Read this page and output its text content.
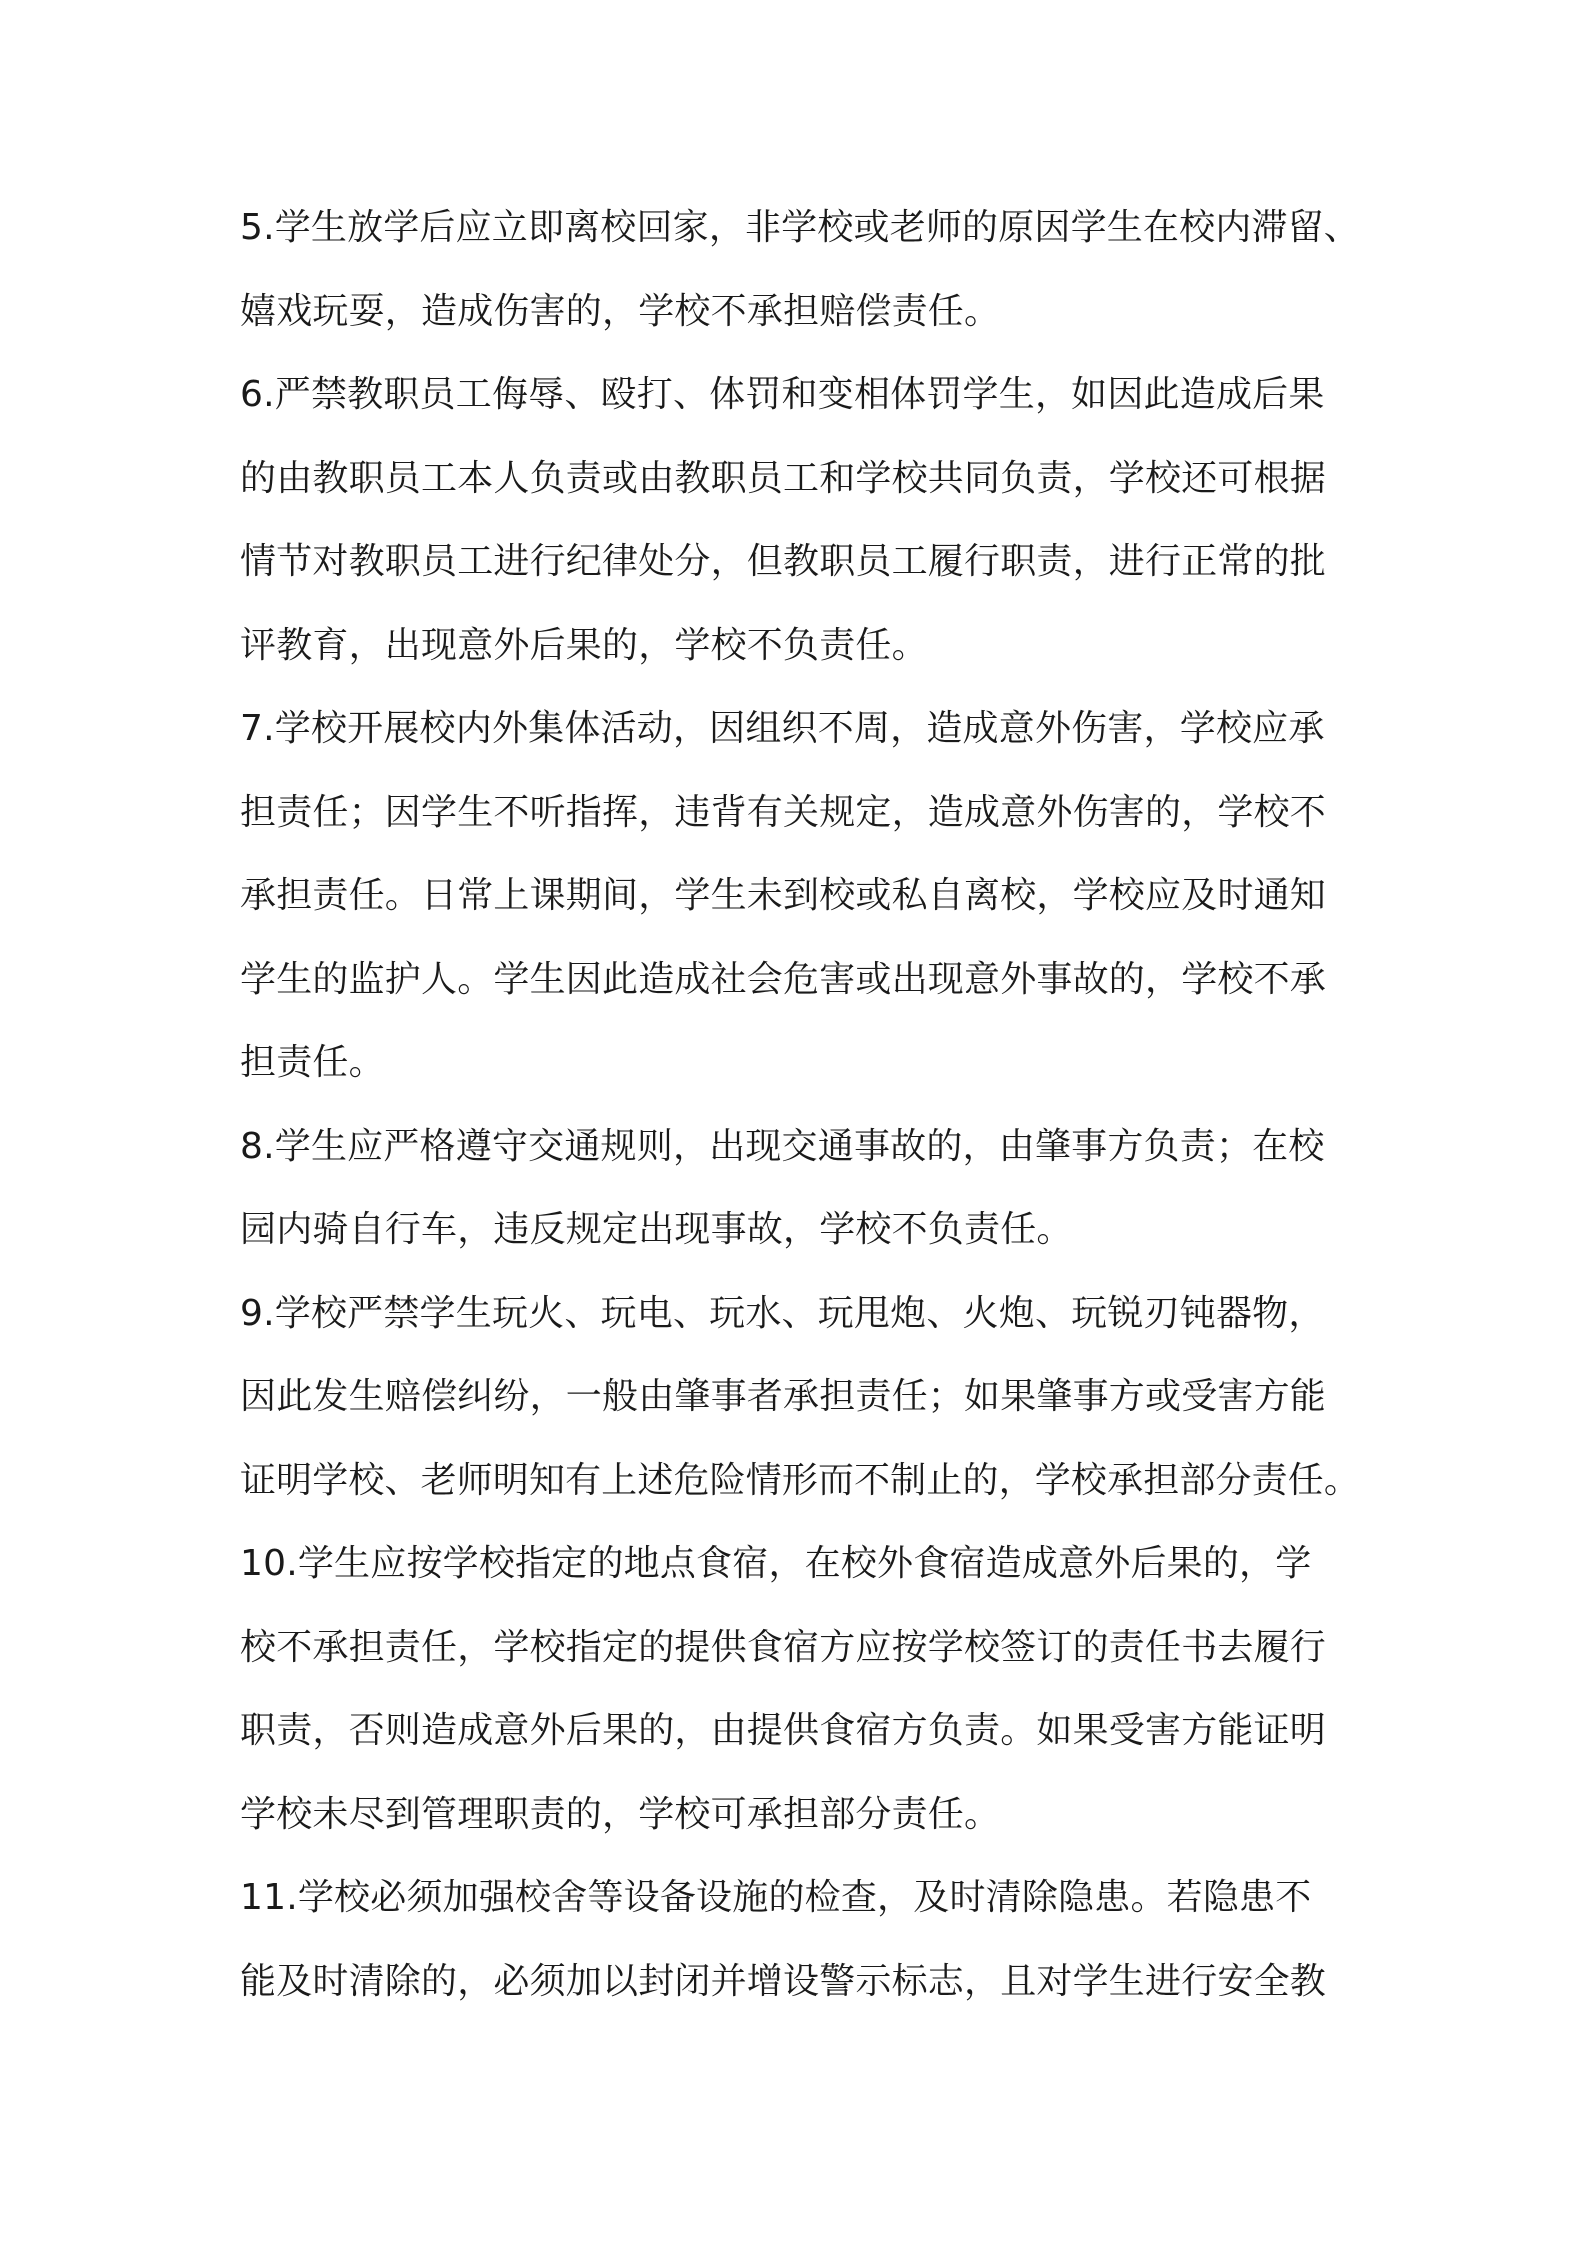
5.学生放学后应立即离校回家，非学校或老师的原因学生在校内滞留、
嬉戏玩耍，造成伤害的，学校不承担赔偿责任。
6.严禁教职员工侮辱、殴打、体罚和变相体罚学生，如因此造成后果
的由教职员工本人负责或由教职员工和学校共同负责，学校还可根据
情节对教职员工进行纪律处分，但教职员工履行职责，进行正常的批
评教育，出现意外后果的，学校不负责任。
7.学校开展校内外集体活动，因组织不周，造成意外伤害，学校应承
担责任；因学生不听指挥，违背有关规定，造成意外伤害的，学校不
承担责任。日常上课期间，学生未到校或私自离校，学校应及时通知
学生的监护人。学生因此造成社会危害或出现意外事故的，学校不承
担责任。
8.学生应严格遵守交通规则，出现交通事故的，由肇事方负责；在校
园内骑自行车，违反规定出现事故，学校不负责任。
9.学校严禁学生玩火、玩电、玩水、玩甩炮、火炮、玩锐刃钝器物，
因此发生赔偿纠纷，一般由肇事者承担责任；如果肇事方或受害方能
证明学校、老师明知有上述危险情形而不制止的，学校承担部分责任。
10.学生应按学校指定的地点食宿，在校外食宿造成意外后果的，学
校不承担责任，学校指定的提供食宿方应按学校签订的责任书去履行
职责，否则造成意外后果的，由提供食宿方负责。如果受害方能证明
学校未尽到管理职责的，学校可承担部分责任。
11.学校必须加强校舍等设备设施的检查，及时清除隐患。若隐患不
能及时清除的，必须加以封闭并增设警示标志，且对学生进行安全教
